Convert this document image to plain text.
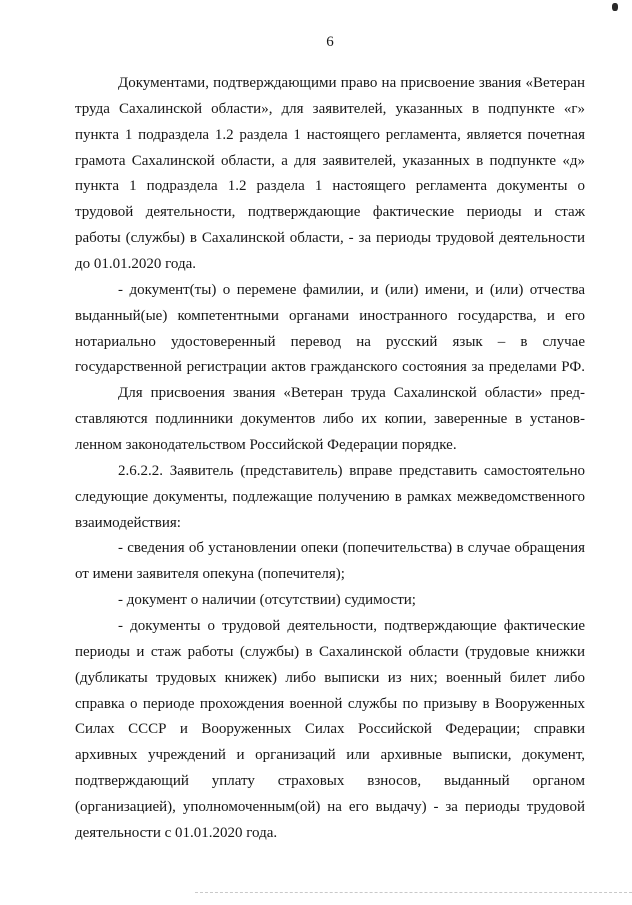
6
Документами, подтверждающими право на присвоение звания «Ветеран
труда Сахалинской области», для заявителей, указанных в подпункте «г»
пункта 1 подраздела 1.2 раздела 1 настоящего регламента, является почетная
грамота Сахалинской области, а для заявителей, указанных в подпункте «д»
пункта 1 подраздела 1.2 раздела 1 настоящего регламента документы о
трудовой деятельности, подтверждающие фактические периоды и стаж
работы (службы) в Сахалинской области, - за периоды трудовой деятельности
до 01.01.2020 года.
- документ(ты) о перемене фамилии, и (или) имени, и (или) отчества
выданный(ые) компетентными органами иностранного государства, и его
нотариально удостоверенный перевод на русский язык – в случае
государственной регистрации актов гражданского состояния за пределами РФ.
Для присвоения звания «Ветеран труда Сахалинской области» пред-
ставляются подлинники документов либо их копии, заверенные в установ-
ленном законодательством Российской Федерации порядке.
2.6.2.2. Заявитель (представитель) вправе представить самостоятельно
следующие документы, подлежащие получению в рамках межведомственного
взаимодействия:
- сведения об установлении опеки (попечительства) в случае обращения
от имени заявителя опекуна (попечителя);
- документ о наличии (отсутствии) судимости;
- документы о трудовой деятельности, подтверждающие фактические
периоды и стаж работы (службы) в Сахалинской области (трудовые книжки
(дубликаты трудовых книжек) либо выписки из них; военный билет либо
справка о периоде прохождения военной службы по призыву в Вооруженных
Силах СССР и Вооруженных Силах Российской Федерации; справки
архивных учреждений и организаций или архивные выписки, документ,
подтверждающий уплату страховых взносов, выданный органом
(организацией), уполномоченным(ой) на его выдачу) - за периоды трудовой
деятельности с 01.01.2020 года.
